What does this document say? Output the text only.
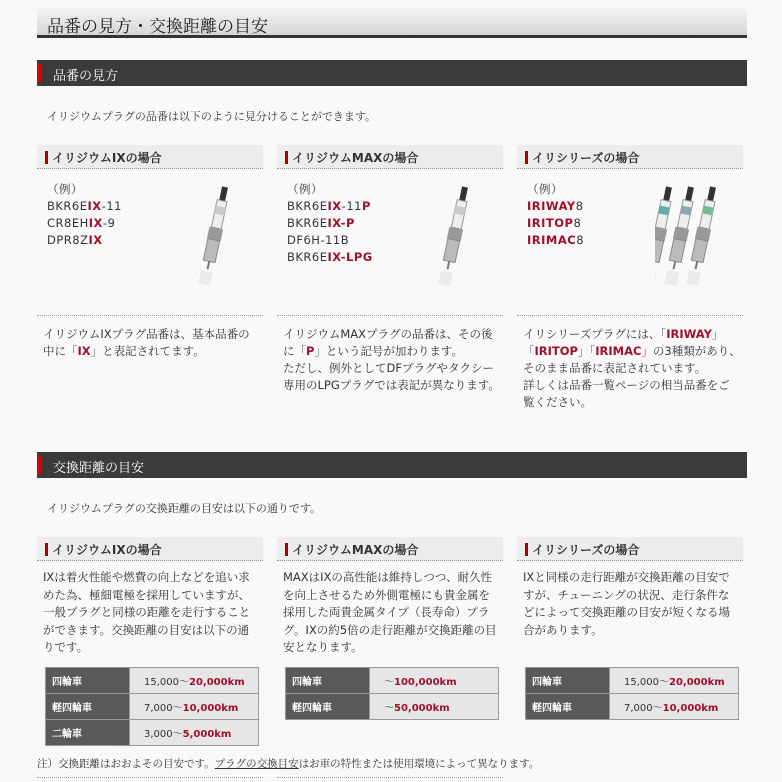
品番の見方・交換距離の目安
品番の見方
イリジウムプラグの品番は以下のように見分けることができます。
イリジウムIXの場合
（例）
BKR6EIX-11
CR8EHIX-9
DPR8ZIX
イリジウムIXプラグ品番は、基本品番の中に「IX」と表記されてます。
イリジウムMAXの場合
（例）
BKR6EIX-11P
BKR6EIX-P
DF6H-11B
BKR6EIX-LPG
イリジウムMAXプラグの品番は、その後に「P」という記号が加わります。
ただし、例外としてDFプラグやタクシー専用のLPGプラグでは表記が異なります。
イリシリーズの場合
（例）
IRIWAY8
IRITOP8
IRIMAC8
イリシリーズプラグには、「IRIWAY」「IRITOP」「IRIMAC」の3種類があり、そのまま品番に表記されています。
詳しくは品番一覧ページの相当品番をご覧ください。
交換距離の目安
イリジウムプラグの交換距離の目安は以下の通りです。
イリジウムIXの場合
IXは着火性能や燃費の向上などを追い求めた為、極細電極を採用していますが、一般プラグと同様の距離を走行することができます。交換距離の目安は以下の通りです。
四輪車	15,000〜20,000km
軽四輪車	7,000〜10,000km
二輪車	3,000〜5,000km
イリジウムMAXの場合
MAXはIXの高性能は維持しつつ、耐久性を向上させるため外側電極にも貴金属を採用した両貴金属タイプ（長寿命）プラグ。IXの約5倍の走行距離が交換距離の目安となります。
四輪車	〜100,000km
軽四輪車	〜50,000km
イリシリーズの場合
IXと同様の走行距離が交換距離の目安ですが、チューニングの状況、走行条件などによって交換距離の目安が短くなる場合があります。
四輪車	15,000〜20,000km
軽四輪車	7,000〜10,000km
注）交換距離はおおよその目安です。プラグの交換目安はお車の特性または使用環境によって異なります。
